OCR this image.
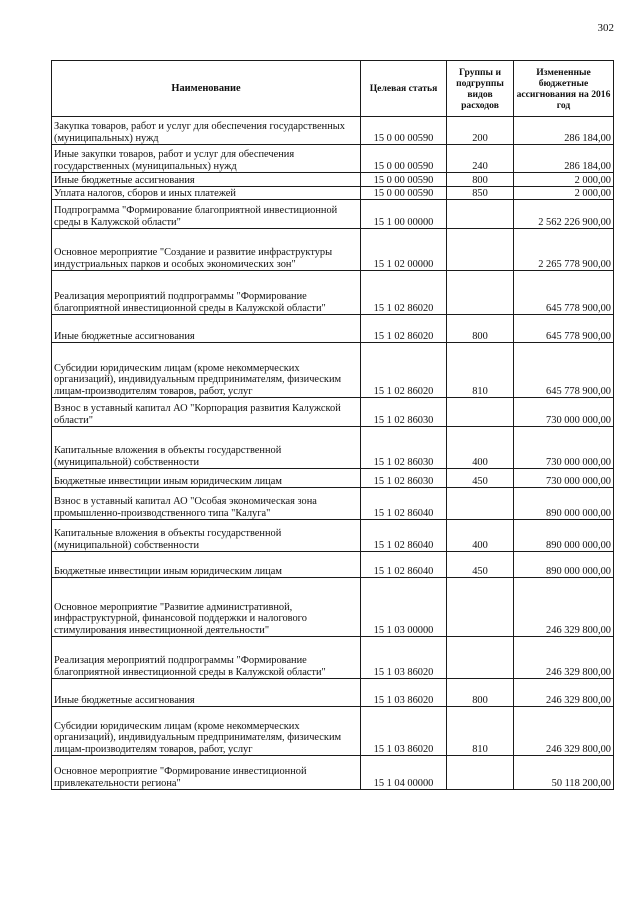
302
Наименование	Целевая статья	Группы и подгруппы видов расходов	Измененные бюджетные ассигнования на 2016 год
Закупка товаров, работ и услуг для обеспечения государственных (муниципальных) нужд	15 0 00 00590	200	286 184,00
Иные закупки товаров, работ и услуг для обеспечения государственных (муниципальных) нужд	15 0 00 00590	240	286 184,00
Иные бюджетные ассигнования	15 0 00 00590	800	2 000,00
Уплата налогов, сборов и иных платежей	15 0 00 00590	850	2 000,00
Подпрограмма "Формирование благоприятной инвестиционной среды в Калужской области"	15 1 00 00000		2 562 226 900,00
Основное мероприятие "Создание и развитие инфраструктуры индустриальных парков и особых экономических зон"	15 1 02 00000		2 265 778 900,00
Реализация мероприятий подпрограммы "Формирование благоприятной инвестиционной среды в Калужской области"	15 1 02 86020		645 778 900,00
Иные бюджетные ассигнования	15 1 02 86020	800	645 778 900,00
Субсидии юридическим лицам (кроме некоммерческих организаций), индивидуальным предпринимателям, физическим лицам-производителям товаров, работ, услуг	15 1 02 86020	810	645 778 900,00
Взнос в уставный капитал АО "Корпорация развития Калужской области"	15 1 02 86030		730 000 000,00
Капитальные вложения в объекты государственной (муниципальной) собственности	15 1 02 86030	400	730 000 000,00
Бюджетные инвестиции иным юридическим лицам	15 1 02 86030	450	730 000 000,00
Взнос в уставный капитал АО "Особая экономическая зона промышленно-производственного типа "Калуга"	15 1 02 86040		890 000 000,00
Капитальные вложения в объекты государственной (муниципальной) собственности	15 1 02 86040	400	890 000 000,00
Бюджетные инвестиции иным юридическим лицам	15 1 02 86040	450	890 000 000,00
Основное мероприятие "Развитие административной, инфраструктурной, финансовой поддержки и налогового стимулирования инвестиционной деятельности"	15 1 03 00000		246 329 800,00
Реализация мероприятий подпрограммы "Формирование благоприятной инвестиционной среды в Калужской области"	15 1 03 86020		246 329 800,00
Иные бюджетные ассигнования	15 1 03 86020	800	246 329 800,00
Субсидии юридическим лицам (кроме некоммерческих организаций), индивидуальным предпринимателям, физическим лицам-производителям товаров, работ, услуг	15 1 03 86020	810	246 329 800,00
Основное мероприятие "Формирование инвестиционной привлекательности региона"	15 1 04 00000		50 118 200,00
